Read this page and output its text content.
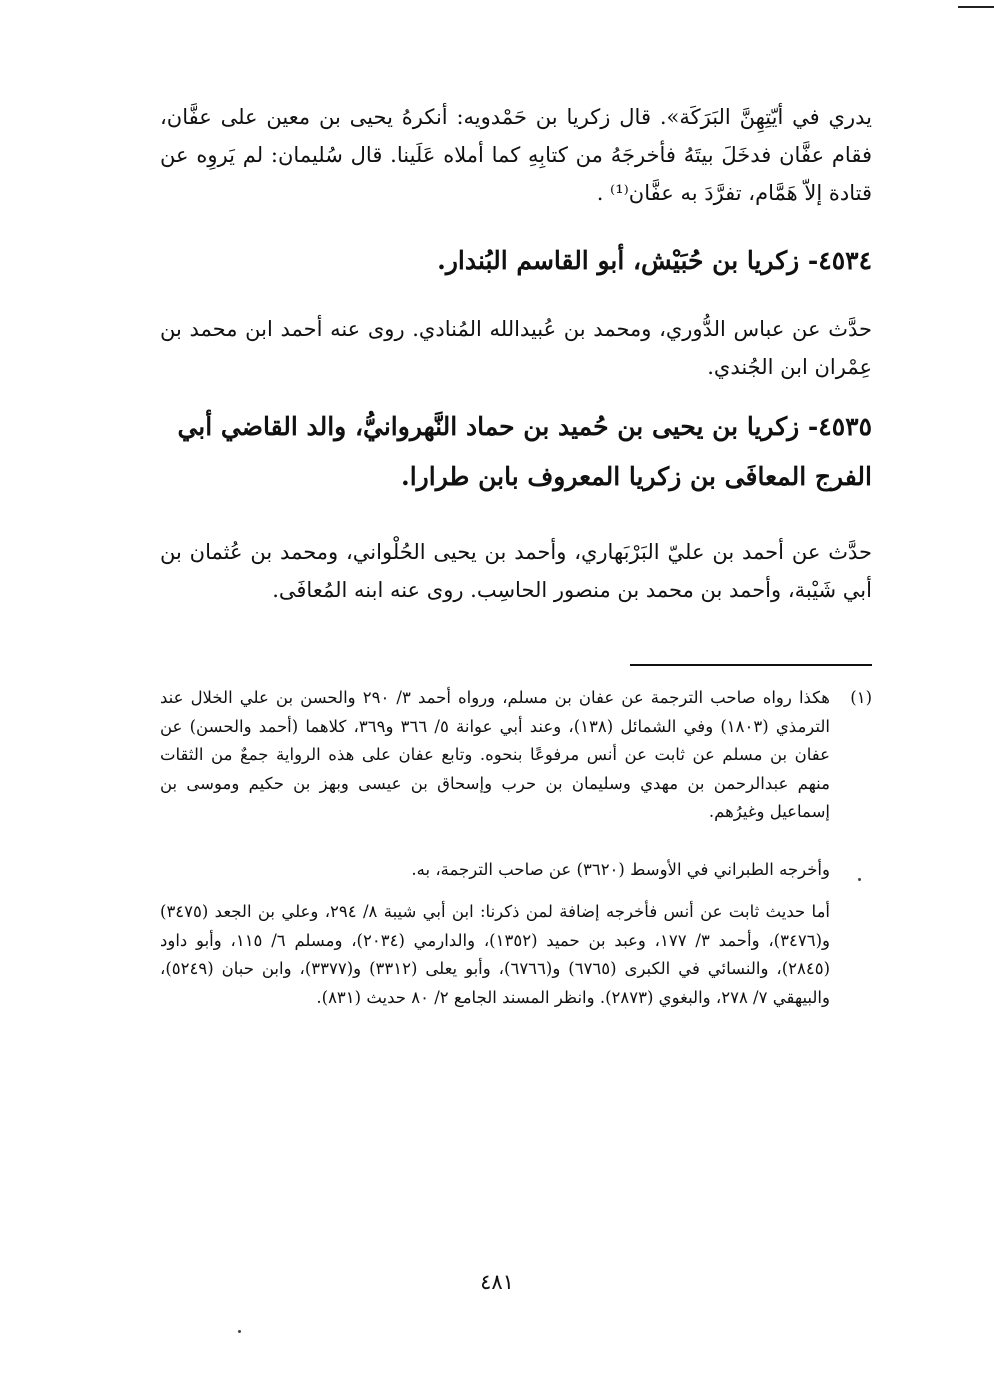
يدري في أيّتِهِنَّ البَرَكَة». قال زكريا بن حَمْدويه: أنكرهُ يحيى بن معين على عفَّان، فقام عفَّان فدخَلَ بيتَهُ فأخرجَهُ من كتابِهِ كما أملاه عَلَينا. قال سُليمان: لم يَروِه عن قتادة إلاّ هَمَّام، تفرَّدَ به عفَّان⁽¹⁾ .
٤٥٣٤- زكريا بن حُبَيْش، أبو القاسم البُندار.
حدَّث عن عباس الدُّوري، ومحمد بن عُبيدالله المُنادي. روى عنه أحمد ابن محمد بن عِمْران ابن الجُندي.
٤٥٣٥- زكريا بن يحيى بن حُميد بن حماد النَّهروانيُّ، والد القاضي أبي الفرج المعافَى بن زكريا المعروف بابن طرارا.
حدَّث عن أحمد بن عليّ البَرْبَهاري، وأحمد بن يحيى الحُلْواني، ومحمد بن عُثمان بن أبي شَيْبة، وأحمد بن محمد بن منصور الحاسِب. روى عنه ابنه المُعافَى.
(١)
هكذا رواه صاحب الترجمة عن عفان بن مسلم، ورواه أحمد ٣/ ٢٩٠ والحسن بن علي الخلال عند الترمذي (١٨٠٣) وفي الشمائل (١٣٨)، وعند أبي عوانة ٥/ ٣٦٦ و٣٦٩، كلاهما (أحمد والحسن) عن عفان بن مسلم عن ثابت عن أنس مرفوعًا بنحوه. وتابع عفان على هذه الرواية جمعٌ من الثقات منهم عبدالرحمن بن مهدي وسليمان بن حرب وإسحاق بن عيسى وبهز بن حكيم وموسى بن إسماعيل وغيرُهم.
وأخرجه الطبراني في الأوسط (٣٦٢٠) عن صاحب الترجمة، به.
أما حديث ثابت عن أنس فأخرجه إضافة لمن ذكرنا: ابن أبي شيبة ٨/ ٢٩٤، وعلي بن الجعد (٣٤٧٥) و(٣٤٧٦)، وأحمد ٣/ ١٧٧، وعبد بن حميد (١٣٥٢)، والدارمي (٢٠٣٤)، ومسلم ٦/ ١١٥، وأبو داود (٢٨٤٥)، والنسائي في الكبرى (٦٧٦٥) و(٦٧٦٦)، وأبو يعلى (٣٣١٢) و(٣٣٧٧)، وابن حبان (٥٢٤٩)، والبيهقي ٧/ ٢٧٨، والبغوي (٢٨٧٣). وانظر المسند الجامع ٢/ ٨٠ حديث (٨٣١).
٤٨١
